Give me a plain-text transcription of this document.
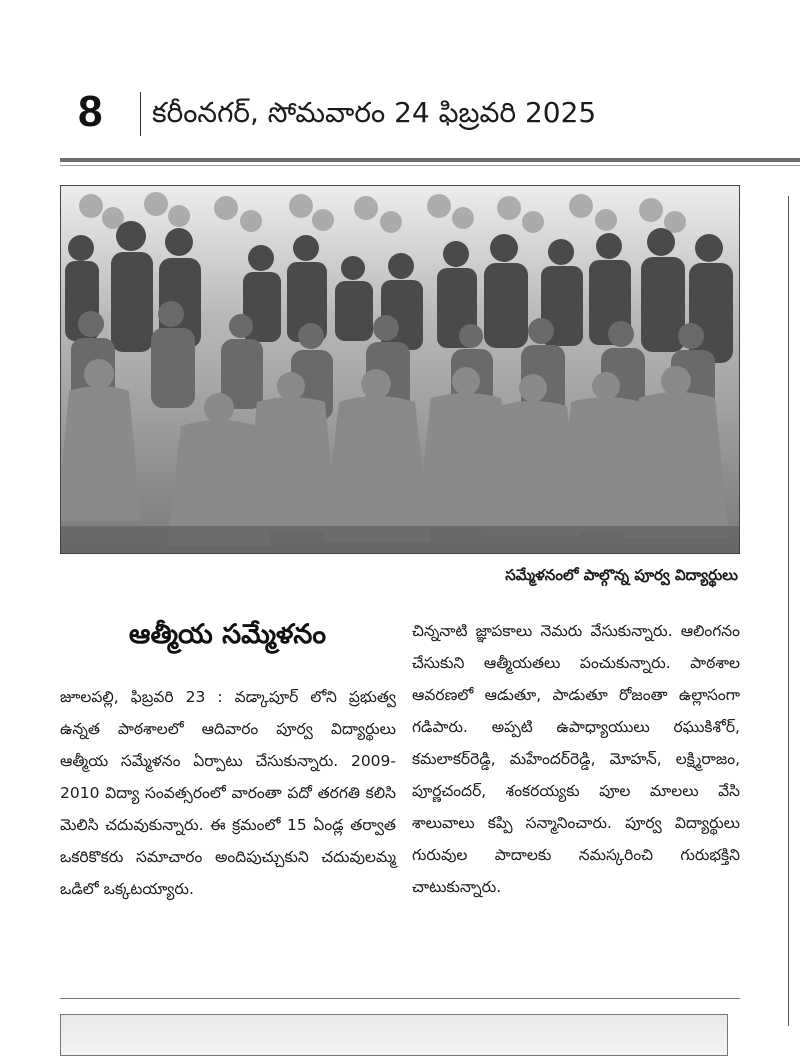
8 కరీంనగర్, సోమవారం 24 ఫిబ్రవరి 2025
సమ్మేళనంలో పాల్గొన్న పూర్వ విద్యార్థులు
ఆత్మీయ సమ్మేళనం
జూలపల్లి, ఫిబ్రవరి 23 : వడ్కాపూర్ లోని ప్రభుత్వ ఉన్నత పాఠశాలలో ఆదివారం పూర్వ విద్యార్థులు ఆత్మీయ సమ్మేళనం ఏర్పాటు చేసుకున్నారు. 2009-2010 విద్యా సంవత్సరంలో వారంతా పదో తరగతి కలిసి మెలిసి చదువుకున్నారు. ఈ క్రమంలో 15 ఏండ్ల తర్వాత ఒకరికొకరు సమాచారం అందిపుచ్చుకుని చదువులమ్మ ఒడిలో ఒక్కటయ్యారు.
చిన్ననాటి జ్ఞాపకాలు నెమరు వేసుకున్నారు. ఆలింగనం చేసుకుని ఆత్మీయతలు పంచుకున్నారు. పాఠశాల ఆవరణలో ఆడుతూ, పాడుతూ రోజంతా ఉల్లాసంగా గడిపారు. అప్పటి ఉపాధ్యాయులు రఘుకిశోర్, కమలాకర్‌రెడ్డి, మహేందర్‌రెడ్డి, మోహన్, లక్ష్మిరాజం, పూర్ణచందర్, శంకరయ్యకు పూల మాలలు వేసి శాలువాలు కప్పి సన్మానించారు. పూర్వ విద్యార్థులు గురువుల పాదాలకు నమస్కరించి గురుభక్తిని చాటుకున్నారు.
